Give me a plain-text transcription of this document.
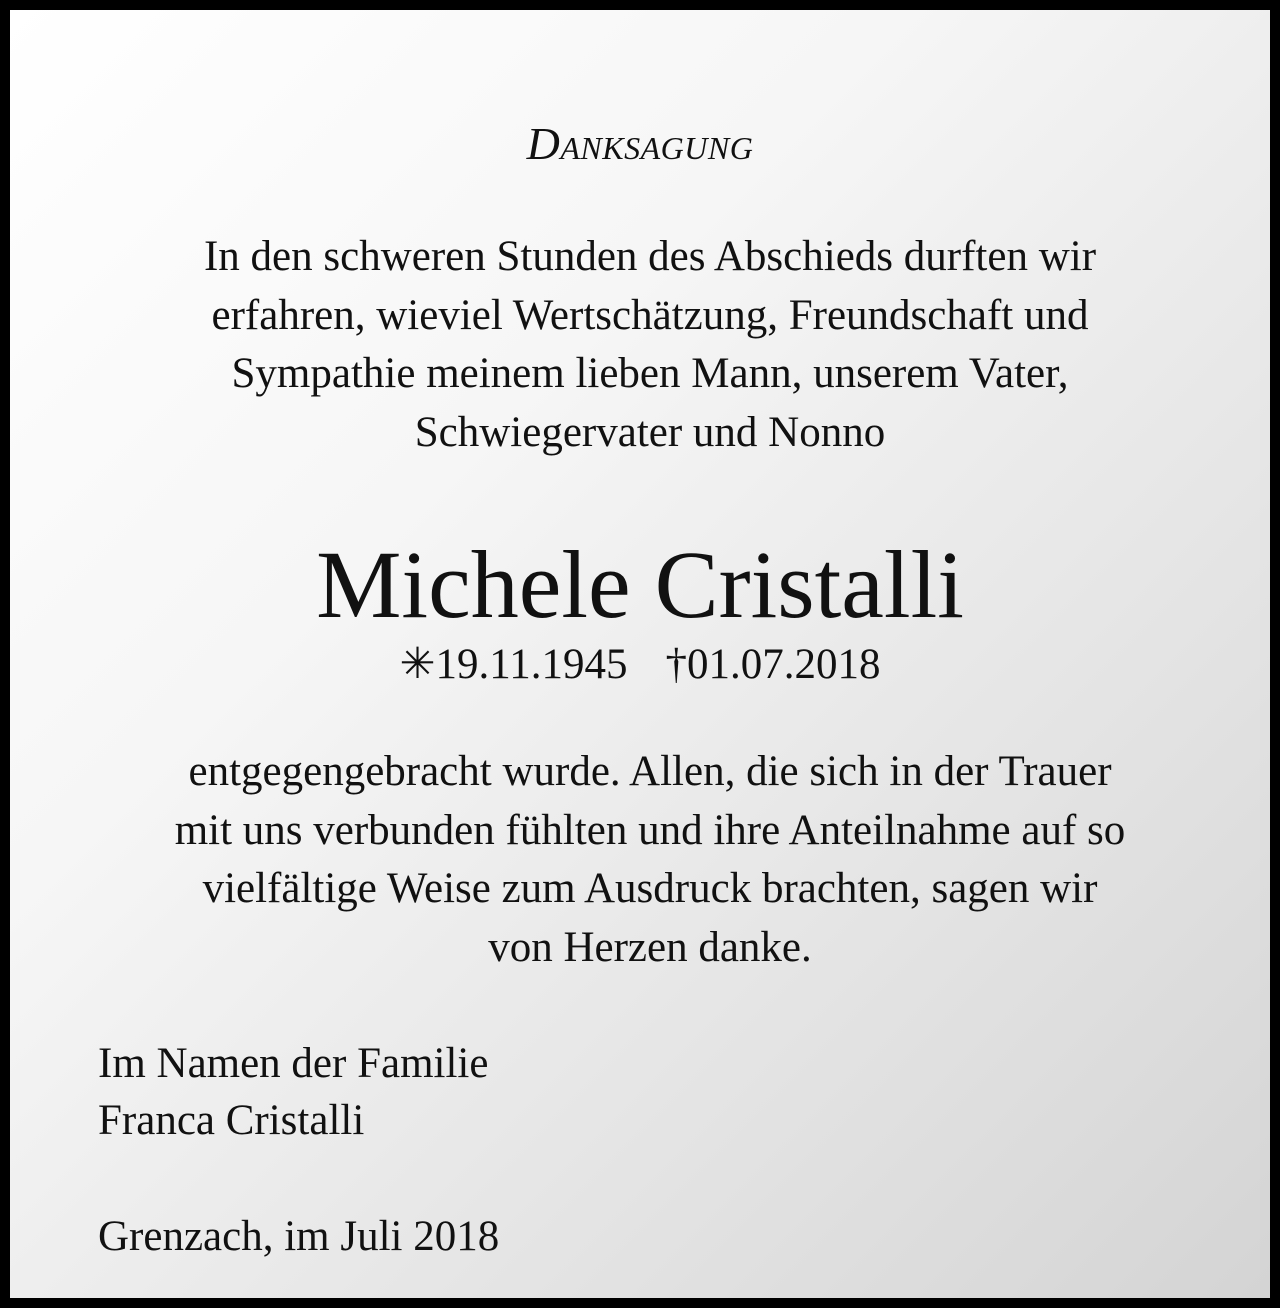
Danksagung
In den schweren Stunden des Abschieds durften wir
erfahren, wieviel Wertschätzung, Freundschaft und
Sympathie meinem lieben Mann, unserem Vater,
Schwiegervater und Nonno
Michele Cristalli
✳19.11.1945 †01.07.2018
entgegengebracht wurde. Allen, die sich in der Trauer
mit uns verbunden fühlten und ihre Anteilnahme auf so
vielfältige Weise zum Ausdruck brachten, sagen wir
von Herzen danke.
Im Namen der Familie
Franca Cristalli
Grenzach, im Juli 2018
